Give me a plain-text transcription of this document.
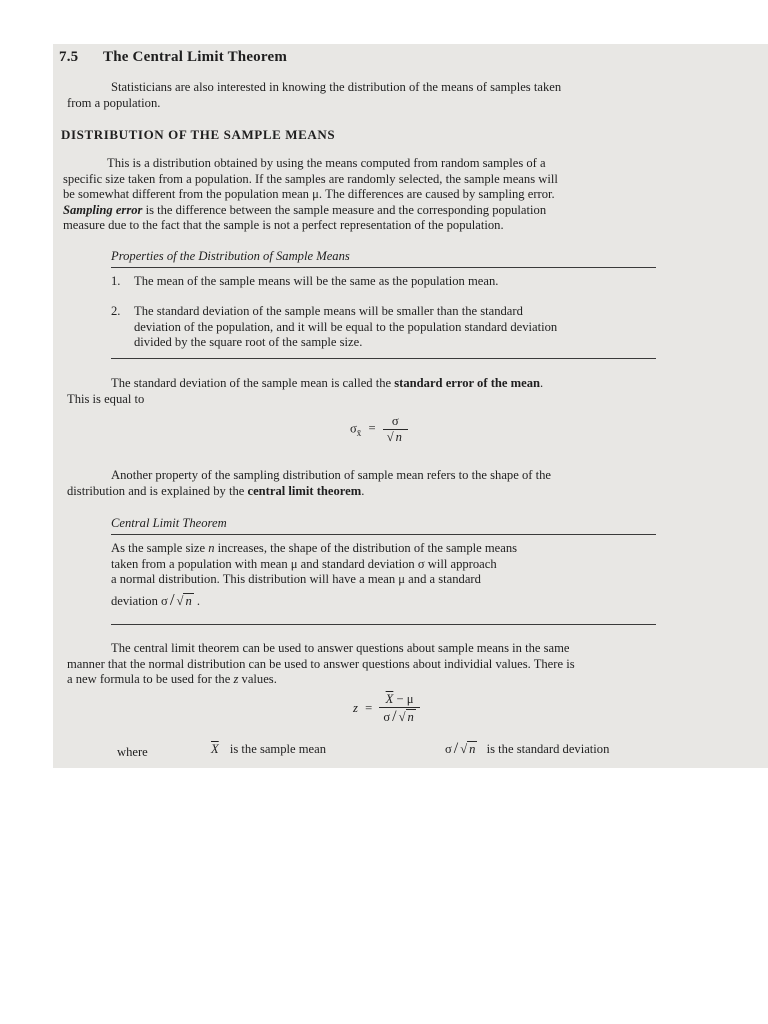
7.5 The Central Limit Theorem
Statisticians are also interested in knowing the distribution of the means of samples taken
from a population.
DISTRIBUTION OF THE SAMPLE MEANS
This is a distribution obtained by using the means computed from random samples of a
specific size taken from a population. If the samples are randomly selected, the sample means will
be somewhat different from the population mean μ. The differences are caused by sampling error.
Sampling error is the difference between the sample measure and the corresponding population
measure due to the fact that the sample is not a perfect representation of the population.
Properties of the Distribution of Sample Means
1. The mean of the sample means will be the same as the population mean.
2. The standard deviation of the sample means will be smaller than the standard
deviation of the population, and it will be equal to the population standard deviation
divided by the square root of the sample size.
The standard deviation of the sample mean is called the standard error of the mean.
This is equal to
$\sigma_{x̄} = \frac{\sigma}{√ n}$
Another property of the sampling distribution of sample mean refers to the shape of the
distribution and is explained by the central limit theorem.
Central Limit Theorem
As the sample size n increases, the shape of the distribution of the sample means
taken from a population with mean μ and standard deviation σ will approach
a normal distribution. This distribution will have a mean μ and a standard
deviation σ / √ n .
The central limit theorem can be used to answer questions about sample means in the same
manner that the normal distribution can be used to answer questions about individial values. There is
a new formula to be used for the z values.
$z = \frac{\overline{X} - \mu}{\sigma / √ n}$
where	$\overline{X}$ is the sample mean	σ / √ n is the standard deviation
